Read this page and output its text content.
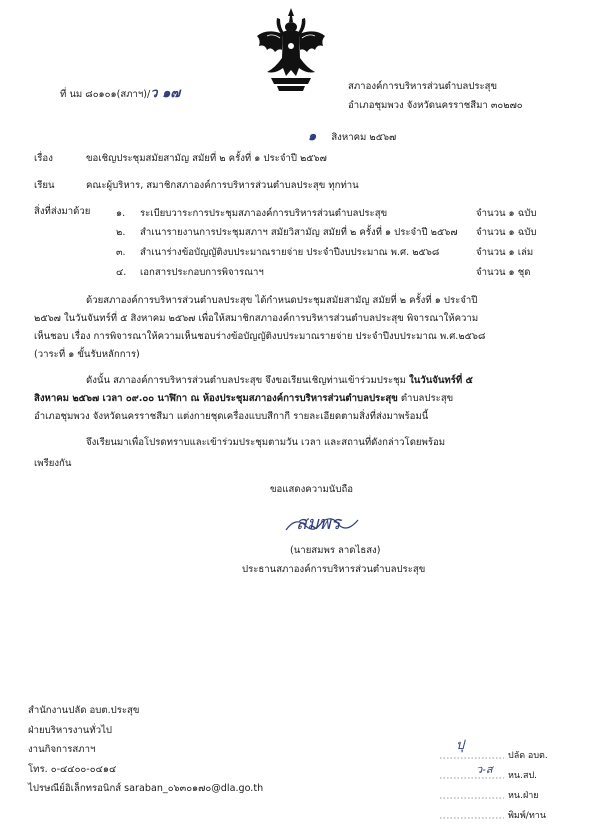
ที่ นม ๘๐๑๐๑(สภาฯ)/ว ๑๗	สภาองค์การบริหารส่วนตำบลประสุข
อำเภอชุมพวง จังหวัดนครราชสีมา ๓๐๒๗๐
๑ สิงหาคม ๒๕๖๗
เรื่อง	ขอเชิญประชุมสมัยสามัญ สมัยที่ ๒ ครั้งที่ ๑ ประจำปี ๒๕๖๗
เรียน	คณะผู้บริหาร, สมาชิกสภาองค์การบริหารส่วนตำบลประสุข ทุกท่าน
สิ่งที่ส่งมาด้วย	๑. ระเบียบวาระการประชุมสภาองค์การบริหารส่วนตำบลประสุข	จำนวน ๑ ฉบับ
๒. สำเนารายงานการประชุมสภาฯ สมัยวิสามัญ สมัยที่ ๒ ครั้งที่ ๑ ประจำปี ๒๕๖๗ จำนวน ๑ ฉบับ
๓. สำเนาร่างข้อบัญญัติงบประมาณรายจ่าย ประจำปีงบประมาณ พ.ศ. ๒๕๖๘	จำนวน ๑ เล่ม
๔. เอกสารประกอบการพิจารณาฯ	จำนวน ๑ ชุด
ด้วยสภาองค์การบริหารส่วนตำบลประสุข ได้กำหนดประชุมสมัยสามัญ สมัยที่ ๒ ครั้งที่ ๑ ประจำปี
๒๕๖๗ ในวันจันทร์ที่ ๕ สิงหาคม ๒๕๖๗ เพื่อให้สมาชิกสภาองค์การบริหารส่วนตำบลประสุข พิจารณาให้ความ
เห็นชอบ เรื่อง การพิจารณาให้ความเห็นชอบร่างข้อบัญญัติงบประมาณรายจ่าย ประจำปีงบประมาณ พ.ศ.๒๕๖๘
(วาระที่ ๑ ขั้นรับหลักการ)
ดังนั้น สภาองค์การบริหารส่วนตำบลประสุข จึงขอเรียนเชิญท่านเข้าร่วมประชุม ในวันจันทร์ที่ ๕
สิงหาคม ๒๕๖๗ เวลา ๐๙.๐๐ นาฬิกา ณ ห้องประชุมสภาองค์การบริหารส่วนตำบลประสุข ตำบลประสุข
อำเภอชุมพวง จังหวัดนครราชสีมา แต่งกายชุดเครื่องแบบสีกากี รายละเอียดตามสิ่งที่ส่งมาพร้อมนี้
จึงเรียนมาเพื่อโปรดทราบและเข้าร่วมประชุมตามวัน เวลา และสถานที่ดังกล่าวโดยพร้อม
เพรียงกัน
ขอแสดงความนับถือ
สมพร
(นายสมพร ลาดไธสง)
ประธานสภาองค์การบริหารส่วนตำบลประสุข
สำนักงานปลัด อบต.ประสุข
ฝ่ายบริหารงานทั่วไป
งานกิจการสภาฯ
โทร. ๐-๔๔๐๐-๐๔๑๔
ไปรษณีย์อิเล็กทรอนิกส์ saraban_๐๖๓๐๑๗๐@dla.go.th
ปุ
ว-ส
ปลัด อบต.
หน.สป.
หน.ฝ่าย
พิมพ์/ทาน
